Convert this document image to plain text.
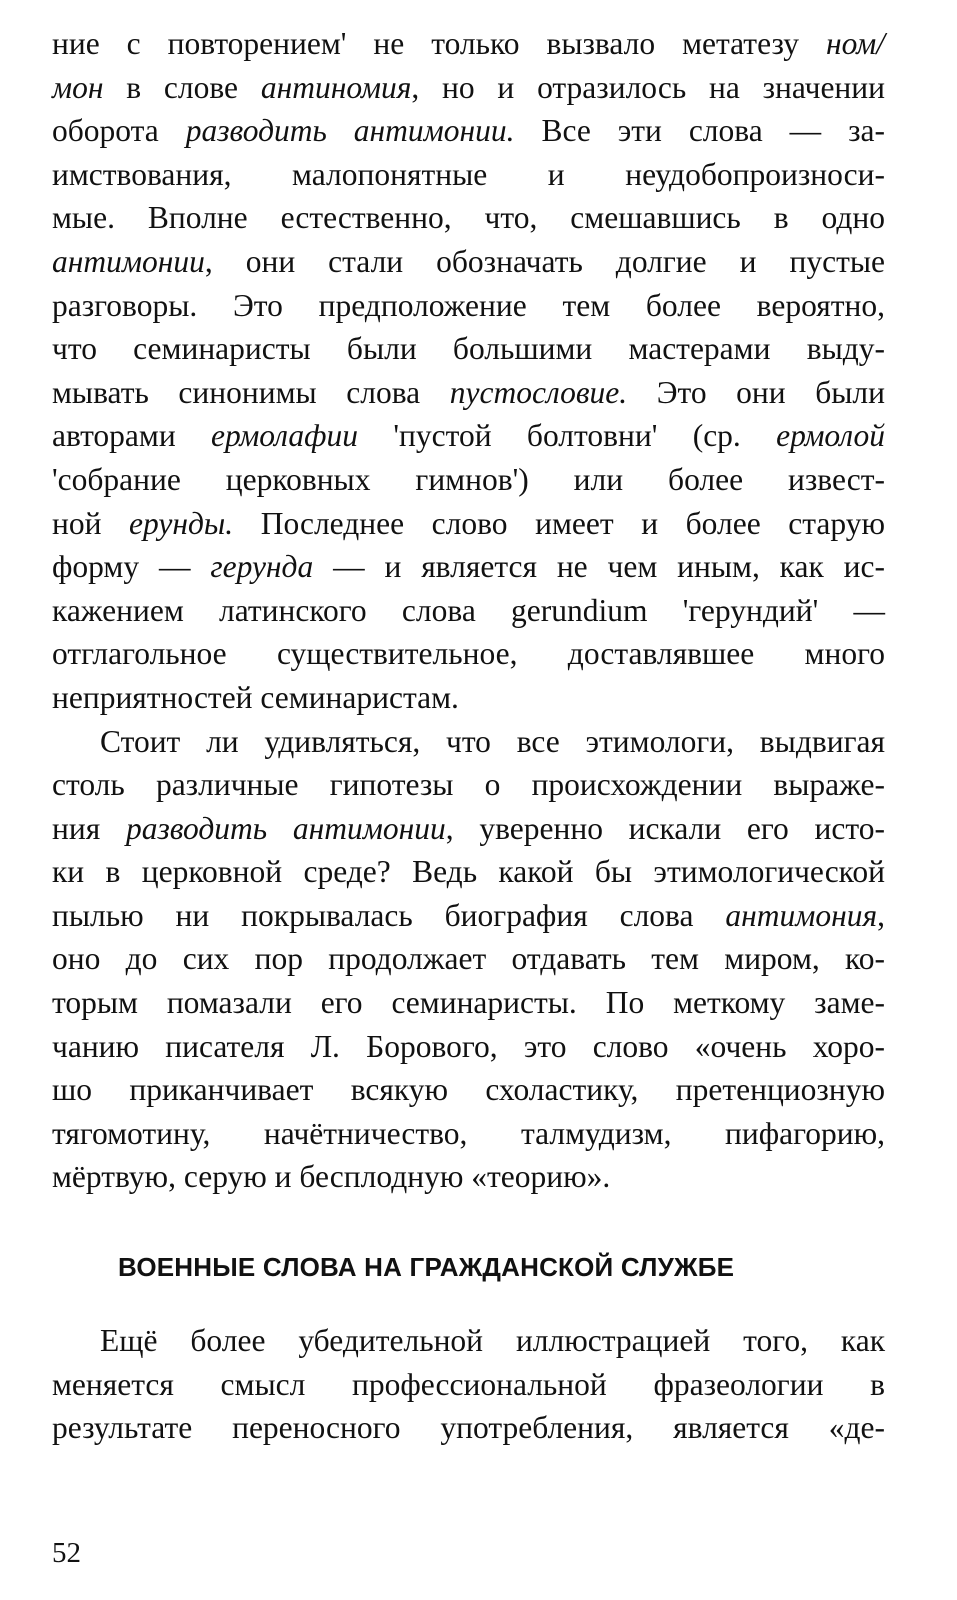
ние с повторением' не только вызвало метатезу ном/
мон в слове антиномия, но и отразилось на значении
оборота разводить антимонии. Все эти слова — за-
имствования, малопонятные и неудобопроизноси-
мые. Вполне естественно, что, смешавшись в одно
антимонии, они стали обозначать долгие и пустые
разговоры. Это предположение тем более вероятно,
что семинаристы были большими мастерами выду-
мывать синонимы слова пустословие. Это они были
авторами ермолафии 'пустой болтовни' (ср. ермолой
'собрание церковных гимнов') или более извест-
ной ерунды. Последнее слово имеет и более старую
форму — герунда — и является не чем иным, как ис-
кажением латинского слова gerundium 'герундий' —
отглагольное существительное, доставлявшее много
неприятностей семинаристам.
Стоит ли удивляться, что все этимологи, выдвигая
столь различные гипотезы о происхождении выраже-
ния разводить антимонии, уверенно искали его исто-
ки в церковной среде? Ведь какой бы этимологической
пылью ни покрывалась биография слова антимония,
оно до сих пор продолжает отдавать тем миром, ко-
торым помазали его семинаристы. По меткому заме-
чанию писателя Л. Борового, это слово «очень хоро-
шо приканчивает всякую схоластику, претенциозную
тягомотину, начётничество, талмудизм, пифагорию,
мёртвую, серую и бесплодную «теорию».
ВОЕННЫЕ СЛОВА НА ГРАЖДАНСКОЙ СЛУЖБЕ
Ещё более убедительной иллюстрацией того, как
меняется смысл профессиональной фразеологии в
результате переносного употребления, является «де-
52
